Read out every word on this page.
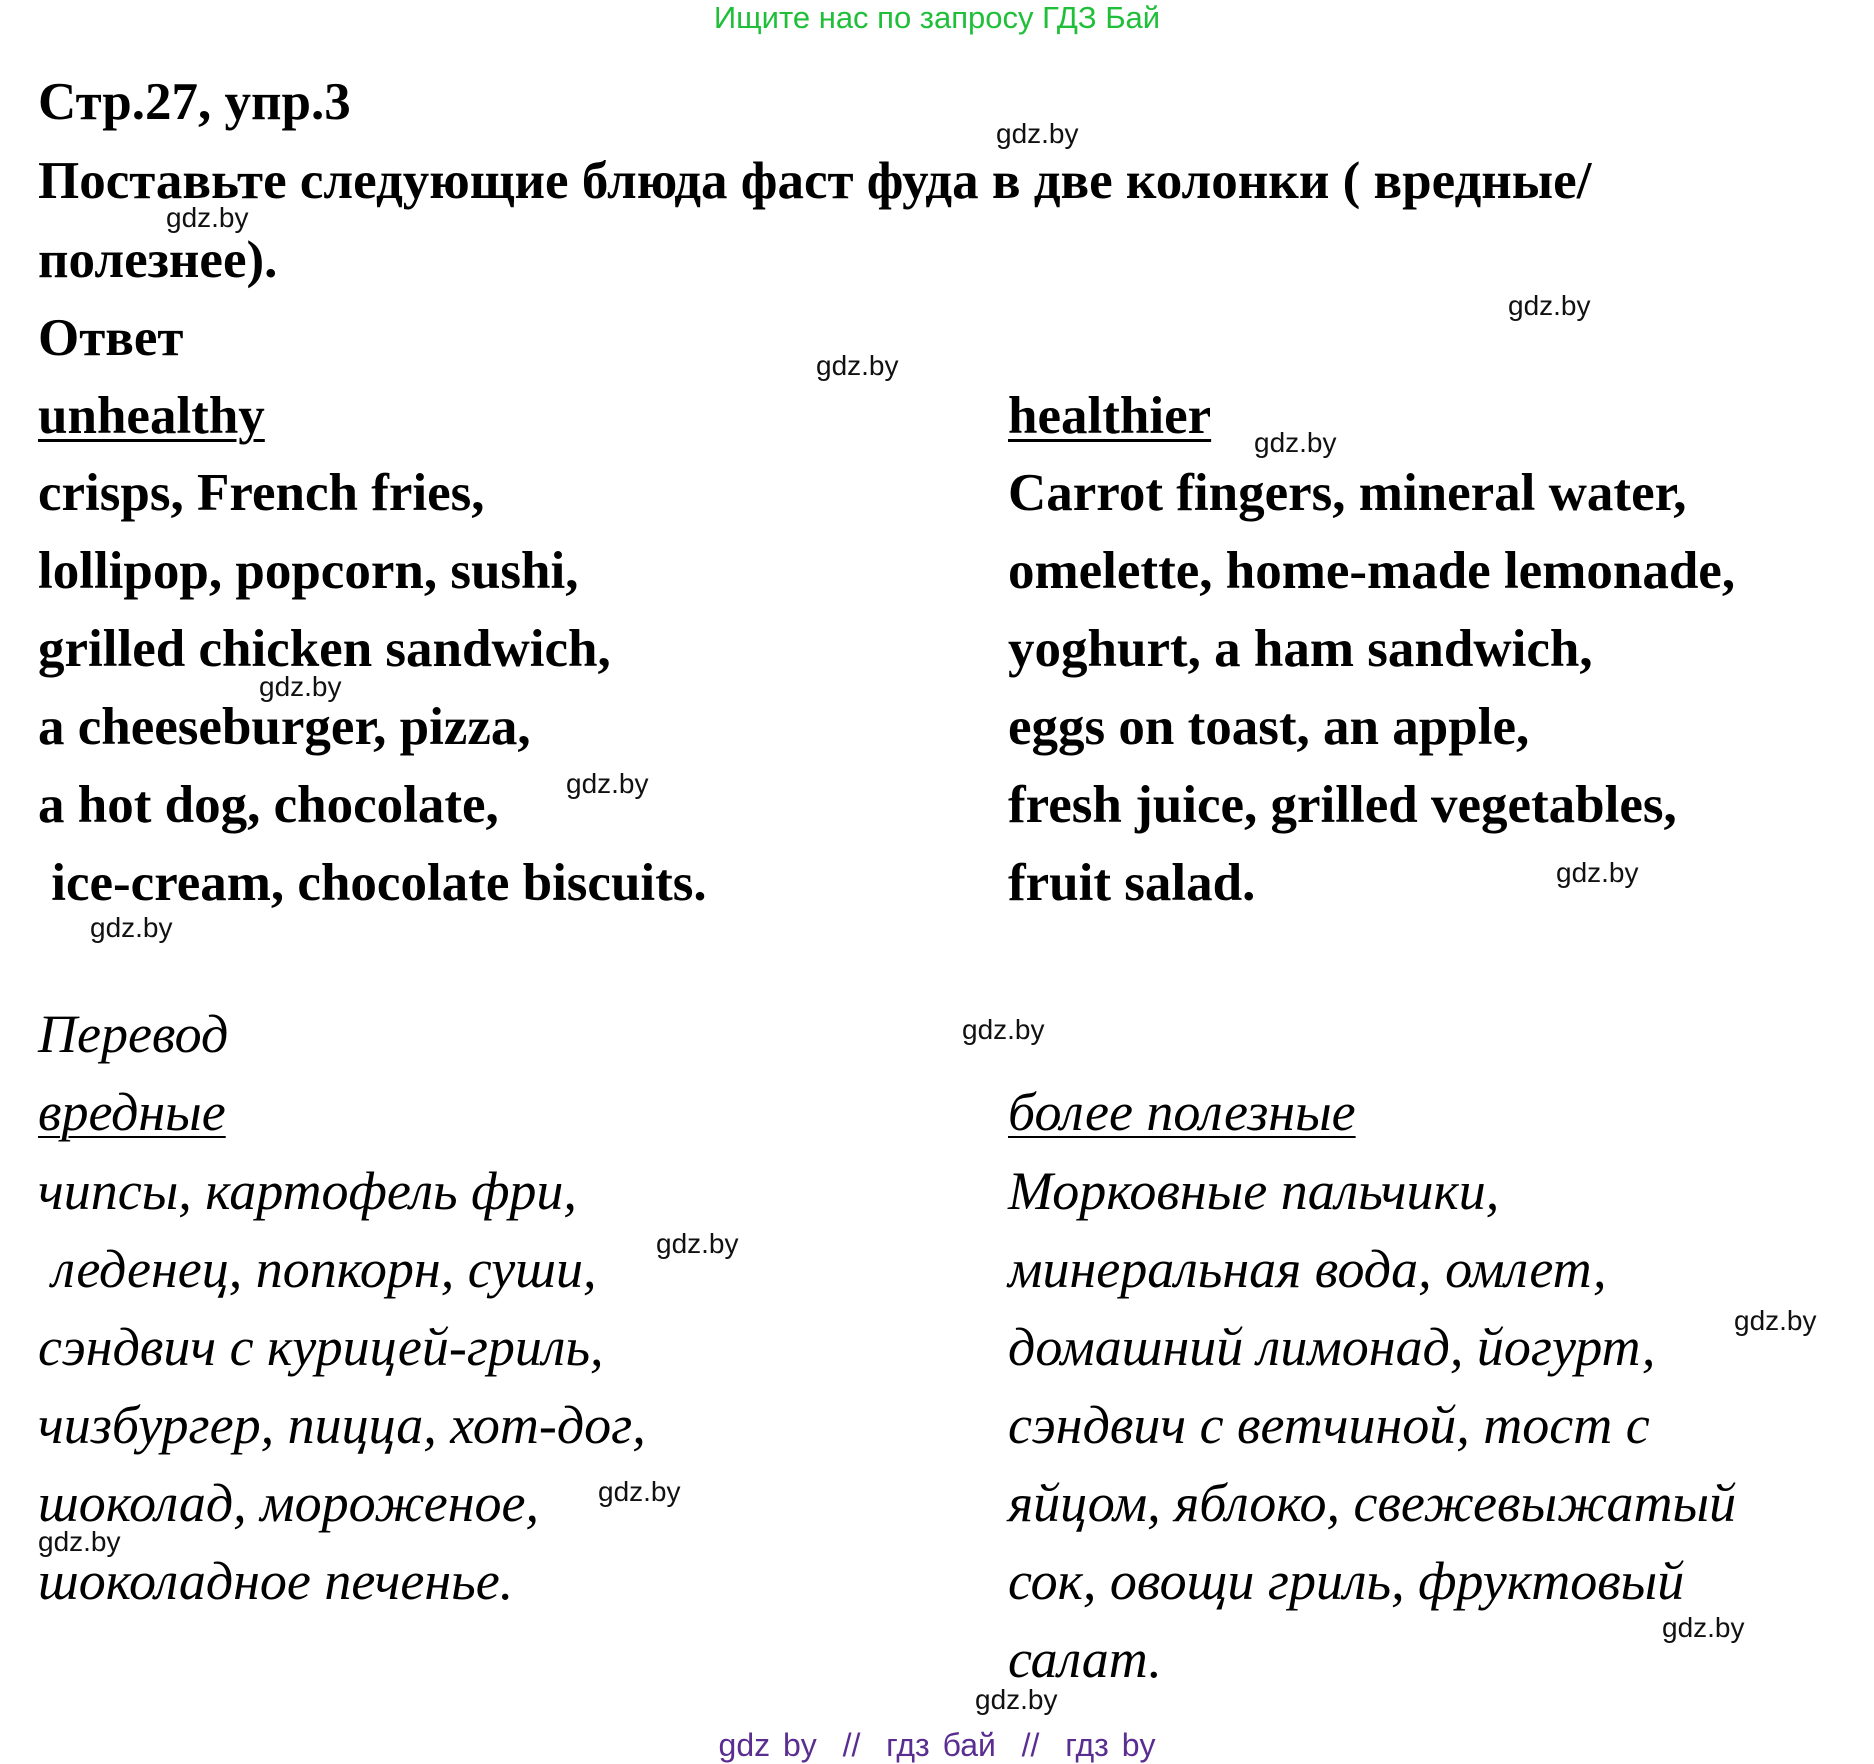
Ищите нас по запросу ГДЗ Бай
Стр.27, упр.3
Поставьте следующие блюда фаст фуда в две колонки ( вредные/
полезнее).
Ответ
unhealthy	healthier
crisps, French fries,
lollipop, popcorn, sushi,
grilled chicken sandwich,
a cheeseburger, pizza,
a hot dog, chocolate,
ice-cream, chocolate biscuits.
Carrot fingers, mineral water,
omelette, home-made lemonade,
yoghurt, a ham sandwich,
eggs on toast, an apple,
fresh juice, grilled vegetables,
fruit salad.
Перевод
вредные	более полезные
чипсы, картофель фри,
леденец, попкорн, суши,
сэндвич с курицей-гриль,
чизбургер, пицца, хот-дог,
шоколад, мороженое,
шоколадное печенье.
Морковные пальчики,
минеральная вода, омлет,
домашний лимонад, йогурт,
сэндвич с ветчиной, тост с
яйцом, яблоко, свежевыжатый
сок, овощи гриль, фруктовый
салат.
gdz.by
gdz.by
gdz.by
gdz.by
gdz.by
gdz.by
gdz.by
gdz.by
gdz.by
gdz.by
gdz.by
gdz.by
gdz.by
gdz.by
gdz.by
gdz.by
gdz by  //  гдз бай  //  гдз by
